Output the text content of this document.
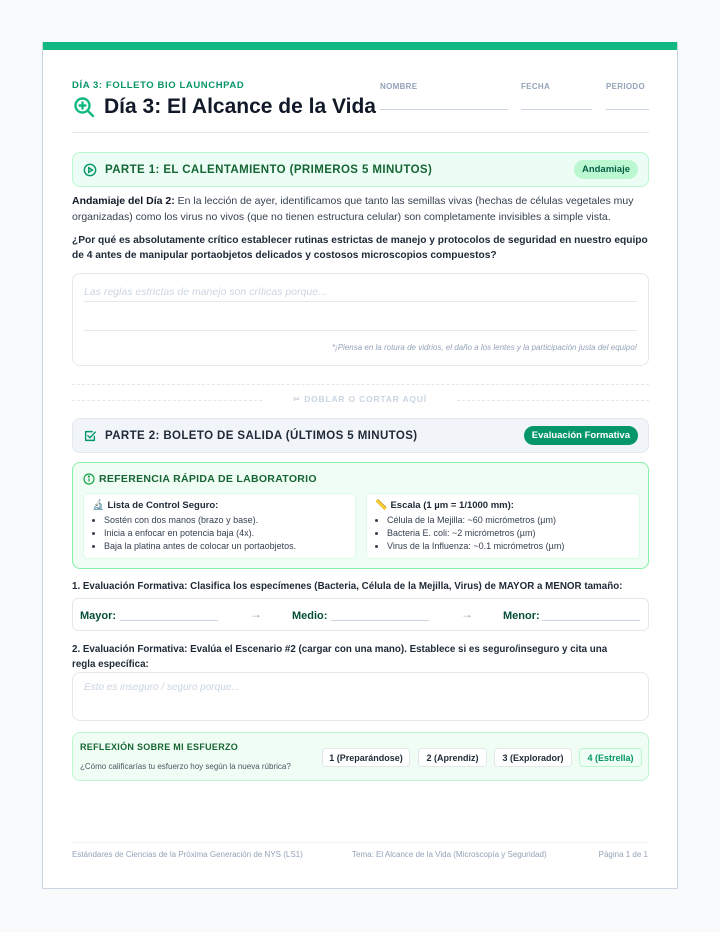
DÍA 3: FOLLETO BIO LAUNCHPAD
Día 3: El Alcance de la Vida
NOMBRE	FECHA	PERIODO
PARTE 1: EL CALENTAMIENTO (PRIMEROS 5 MINUTOS)	Andamiaje
Andamiaje del Día 2: En la lección de ayer, identificamos que tanto las semillas vivas (hechas de células vegetales muy organizadas) como los virus no vivos (que no tienen estructura celular) son completamente invisibles a simple vista.
¿Por qué es absolutamente crítico establecer rutinas estrictas de manejo y protocolos de seguridad en nuestro equipo de 4 antes de manipular portaobjetos delicados y costosos microscopios compuestos?
Las reglas estrictas de manejo son críticas porque...
*¡Piensa en la rotura de vidrios, el daño a los lentes y la participación justa del equipo!
✂ DOBLAR O CORTAR AQUÍ
PARTE 2: BOLETO DE SALIDA (ÚLTIMOS 5 MINUTOS)	Evaluación Formativa
REFERENCIA RÁPIDA DE LABORATORIO
🔬 Lista de Control Seguro:
• Sostén con dos manos (brazo y base).
• Inicia a enfocar en potencia baja (4x).
• Baja la platina antes de colocar un portaobjetos.
📏 Escala (1 µm = 1/1000 mm):
• Célula de la Mejilla: ~60 micrómetros (µm)
• Bacteria E. coli: ~2 micrómetros (µm)
• Virus de la Influenza: ~0.1 micrómetros (µm)
1. Evaluación Formativa: Clasifica los especímenes (Bacteria, Célula de la Mejilla, Virus) de MAYOR a MENOR tamaño:
Mayor:	→	Medio:	→	Menor:
2. Evaluación Formativa: Evalúa el Escenario #2 (cargar con una mano). Establece si es seguro/inseguro y cita una regla específica:
Esto es inseguro / seguro porque...
REFLEXIÓN SOBRE MI ESFUERZO
¿Cómo calificarías tu esfuerzo hoy según la nueva rúbrica?
1 (Preparándose)	2 (Aprendiz)	3 (Explorador)	4 (Estrella)
Estándares de Ciencias de la Próxima Generación de NYS (LS1)	Tema: El Alcance de la Vida (Microscopía y Seguridad)	Página 1 de 1
